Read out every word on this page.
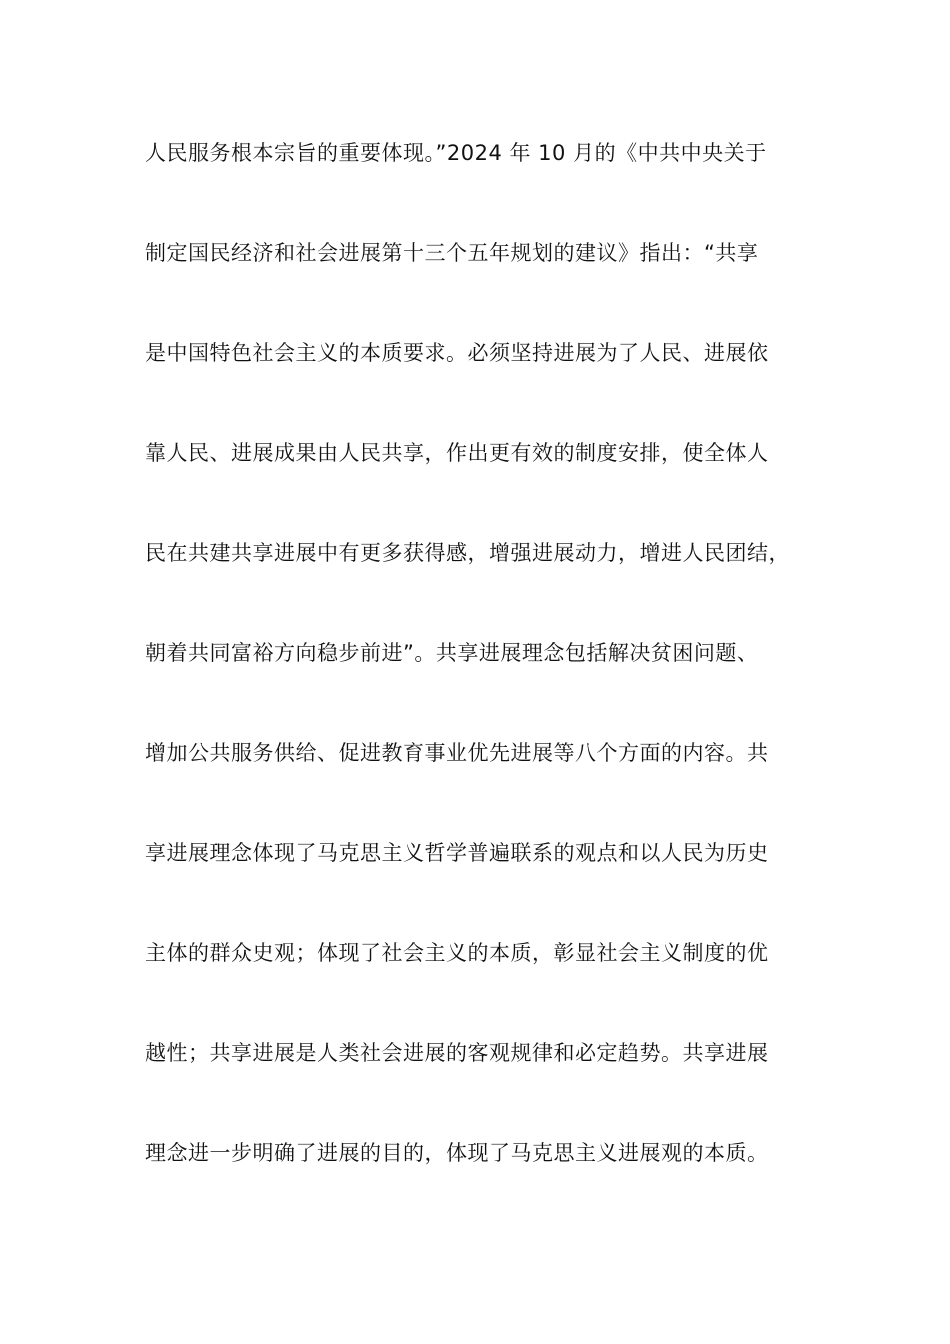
人民服务根本宗旨的重要体现。”2024 年 10 月的《中共中央关于
制定国民经济和社会进展第十三个五年规划的建议》指出：“共享
是中国特色社会主义的本质要求。必须坚持进展为了人民、进展依
靠人民、进展成果由人民共享，作出更有效的制度安排，使全体人
民在共建共享进展中有更多获得感，增强进展动力，增进人民团结，
朝着共同富裕方向稳步前进”。共享进展理念包括解决贫困问题、
增加公共服务供给、促进教育事业优先进展等八个方面的内容。共
享进展理念体现了马克思主义哲学普遍联系的观点和以人民为历史
主体的群众史观；体现了社会主义的本质，彰显社会主义制度的优
越性；共享进展是人类社会进展的客观规律和必定趋势。共享进展
理念进一步明确了进展的目的，体现了马克思主义进展观的本质。
